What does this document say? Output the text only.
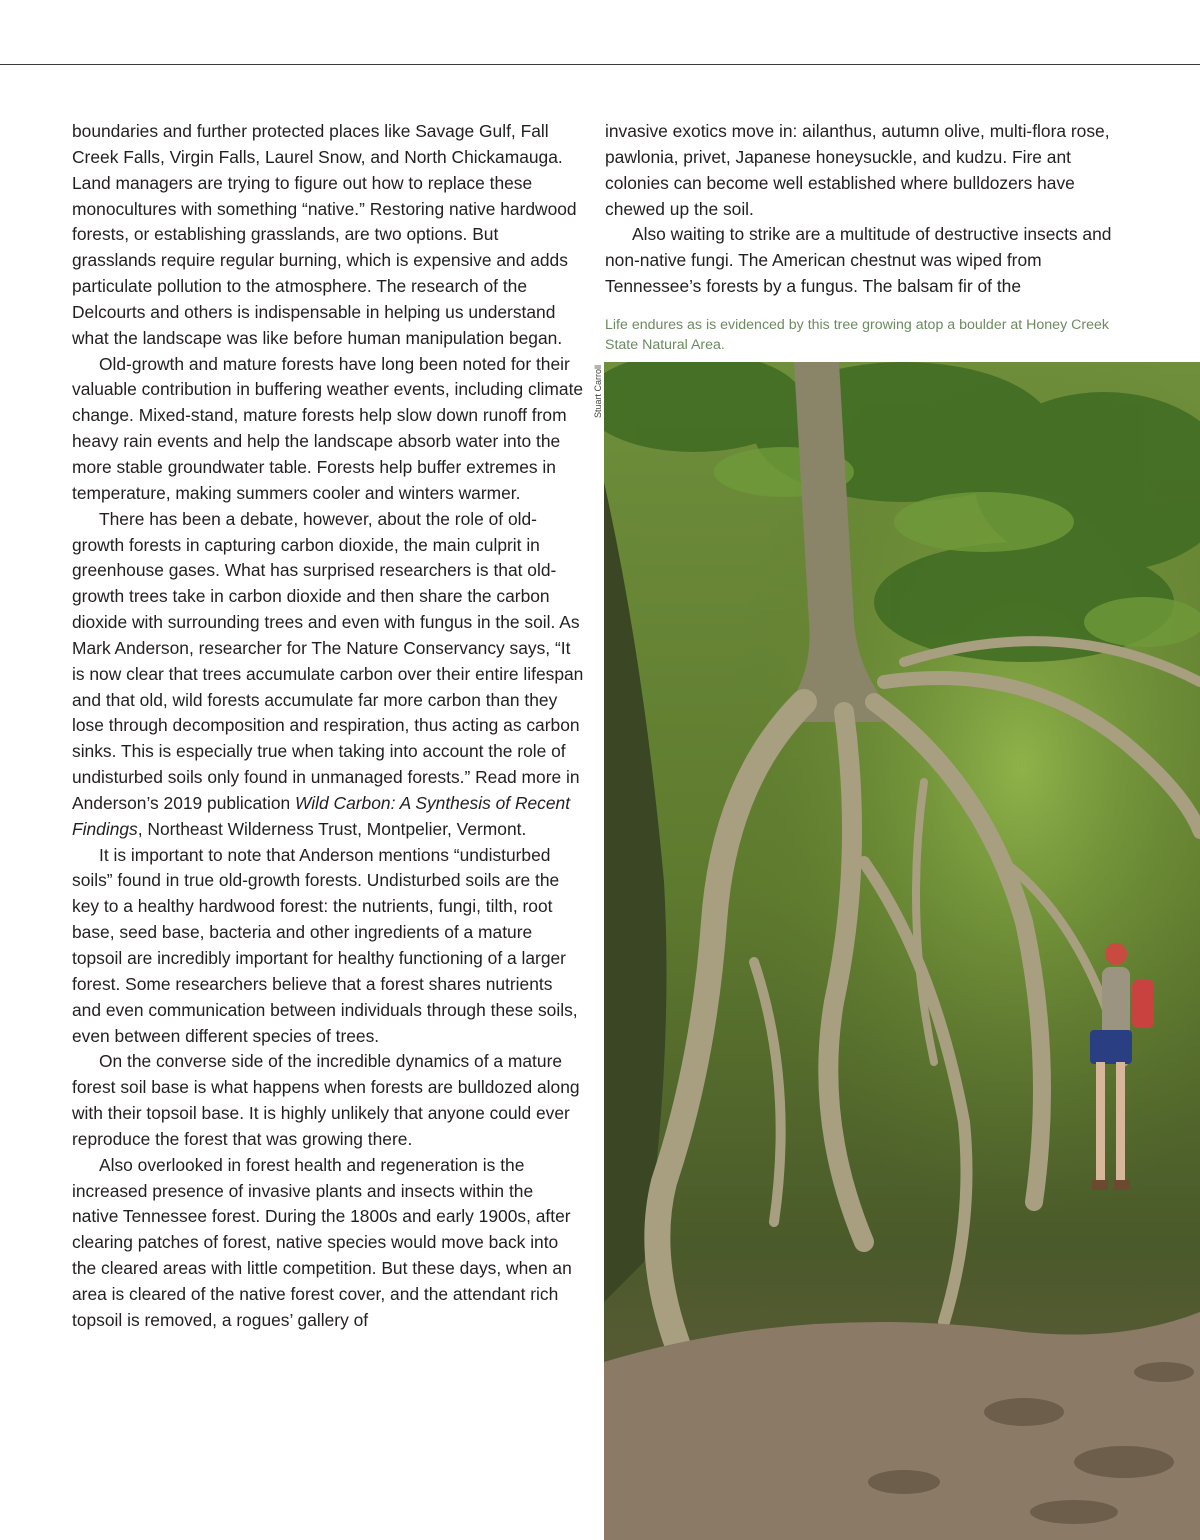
boundaries and further protected places like Savage Gulf, Fall Creek Falls, Virgin Falls, Laurel Snow, and North Chickamauga. Land managers are trying to figure out how to replace these monocultures with something “native.” Restoring native hardwood forests, or establishing grasslands, are two options. But grasslands require regular burning, which is expensive and adds particulate pollution to the atmosphere. The research of the Delcourts and others is indispensable in helping us understand what the landscape was like before human manipulation began.

Old-growth and mature forests have long been noted for their valuable contribution in buffering weather events, including climate change. Mixed-stand, mature forests help slow down runoff from heavy rain events and help the landscape absorb water into the more stable groundwater table. Forests help buffer extremes in temperature, making summers cooler and winters warmer.

There has been a debate, however, about the role of old-growth forests in capturing carbon dioxide, the main culprit in greenhouse gases. What has surprised researchers is that old-growth trees take in carbon dioxide and then share the carbon dioxide with surrounding trees and even with fungus in the soil. As Mark Anderson, researcher for The Nature Conservancy says, “It is now clear that trees accumulate carbon over their entire lifespan and that old, wild forests accumulate far more carbon than they lose through decomposition and respiration, thus acting as carbon sinks. This is especially true when taking into account the role of undisturbed soils only found in unmanaged forests.” Read more in Anderson’s 2019 publication Wild Carbon: A Synthesis of Recent Findings, Northeast Wilderness Trust, Montpelier, Vermont.

It is important to note that Anderson mentions “undisturbed soils” found in true old-growth forests. Undisturbed soils are the key to a healthy hardwood forest: the nutrients, fungi, tilth, root base, seed base, bacteria and other ingredients of a mature topsoil are incredibly important for healthy functioning of a larger forest. Some researchers believe that a forest shares nutrients and even communication between individuals through these soils, even between different species of trees.

On the converse side of the incredible dynamics of a mature forest soil base is what happens when forests are bulldozed along with their topsoil base. It is highly unlikely that anyone could ever reproduce the forest that was growing there.

Also overlooked in forest health and regeneration is the increased presence of invasive plants and insects within the native Tennessee forest. During the 1800s and early 1900s, after clearing patches of forest, native species would move back into the cleared areas with little competition. But these days, when an area is cleared of the native forest cover, and the attendant rich topsoil is removed, a rogues’ gallery of

invasive exotics move in: ailanthus, autumn olive, multi-flora rose, pawlonia, privet, Japanese honeysuckle, and kudzu. Fire ant colonies can become well established where bulldozers have chewed up the soil.

Also waiting to strike are a multitude of destructive insects and non-native fungi. The American chestnut was wiped from Tennessee’s forests by a fungus. The balsam fir of the

Life endures as is evidenced by this tree growing atop a boulder at Honey Creek State Natural Area.
Stuart Carroll
